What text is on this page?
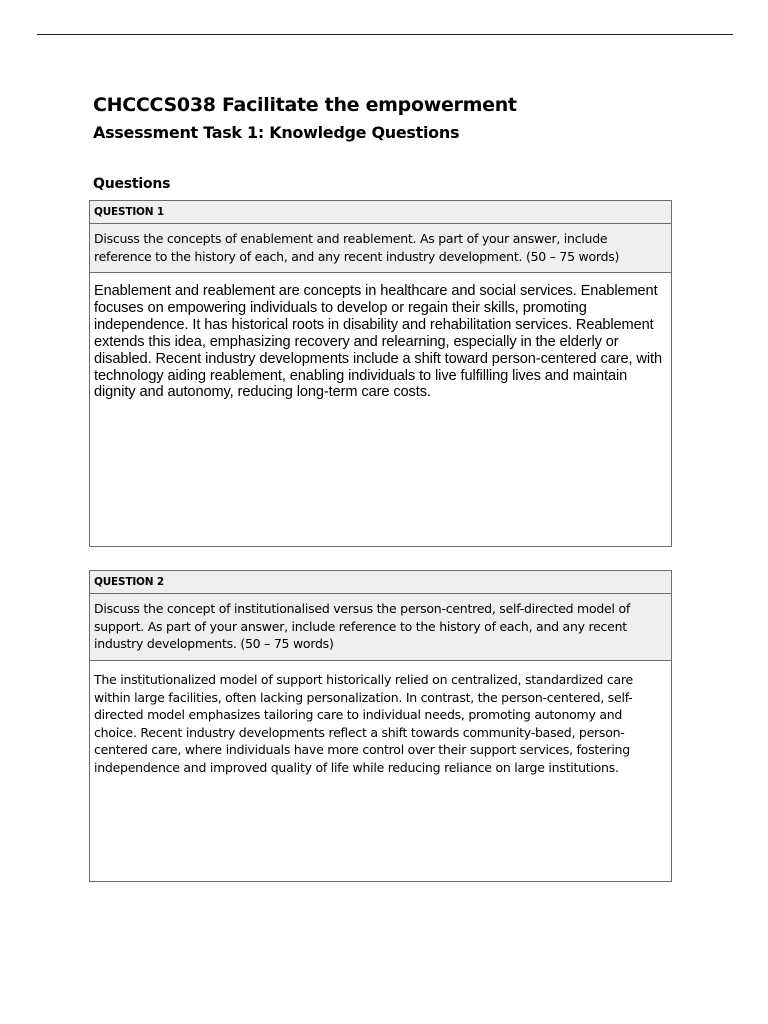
CHCCCS038 Facilitate the empowerment
Assessment Task 1: Knowledge Questions
Questions
QUESTION 1
Discuss the concepts of enablement and reablement. As part of your answer, include reference to the history of each, and any recent industry development. (50 – 75 words)
Enablement and reablement are concepts in healthcare and social services. Enablement focuses on empowering individuals to develop or regain their skills, promoting independence. It has historical roots in disability and rehabilitation services. Reablement extends this idea, emphasizing recovery and relearning, especially in the elderly or disabled. Recent industry developments include a shift toward person-centered care, with technology aiding reablement, enabling individuals to live fulfilling lives and maintain dignity and autonomy, reducing long-term care costs.
QUESTION 2
Discuss the concept of institutionalised versus the person-centred, self-directed model of support. As part of your answer, include reference to the history of each, and any recent industry developments. (50 – 75 words)
The institutionalized model of support historically relied on centralized, standardized care within large facilities, often lacking personalization. In contrast, the person-centered, self-directed model emphasizes tailoring care to individual needs, promoting autonomy and choice. Recent industry developments reflect a shift towards community-based, person-centered care, where individuals have more control over their support services, fostering independence and improved quality of life while reducing reliance on large institutions.
